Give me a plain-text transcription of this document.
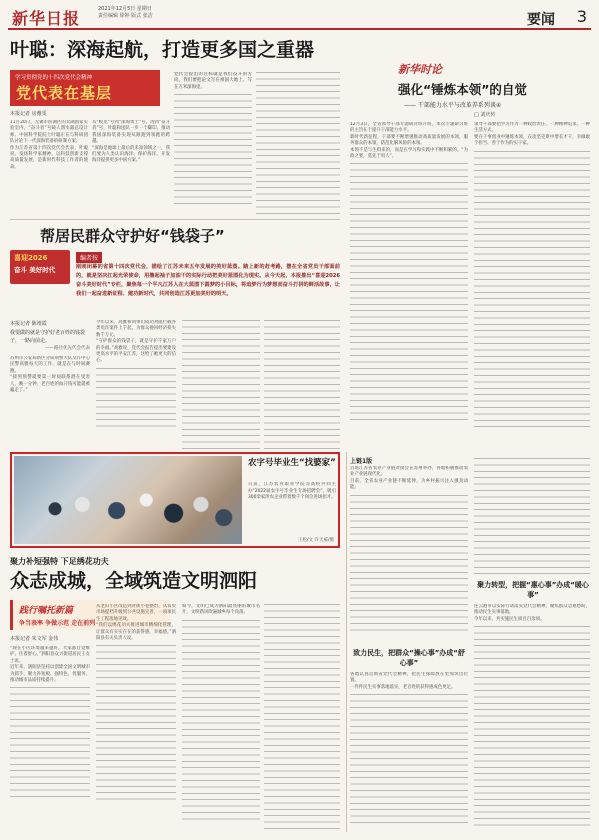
新华日报	2021年12月5日 星期日
责任编辑 徐婷 版式 张洁	要闻 3
叶聪：深海起航，打造更多国之重器
学习贯彻党的十四次党代会精神
党代表在基层
本报记者 房雅雯

11月20日，无锡市滨湖区的太湖国家实验室内，“奋斗者”号载人潜水器总设计师、中国科学院院士叶聪正在与科研团队讨论下一代深海装备的研制方案。

作为江苏省第十四次党代会代表，叶聪说，发扬科学家精神、以科技创新支撑高质量发展，是新时代科技工作者的使命。

从“蛟龙”号到“深海勇士”号，再到“奋斗者”号，叶聪和团队一步一个脚印，推动我国深海装备实现从跟跑到领跑的跨越。

“深海是地球上最后的未知领域之一，我们要为人类认识海洋、保护海洋、开发海洋提供更多中国方案。”

党代会提出的目标就是我们奋斗的方向，我们要把论文写在祖国大地上、写在万米深海里。

帮居民群众守护好“钱袋子”
喜迎2026
奋斗 美好时代
编者按
刚刚闭幕的省第十四次党代会，描绘了江苏未来五年发展的美好蓝图。踏上新的赶考路，摆在全省党员干部面前的，就是坚决扛起光荣使命，用撸起袖子加油干的实际行动把美好蓝图化为现实。从今天起，本报推出“喜迎2026 奋斗美好时代”专栏，聚焦每一个平凡江苏人在大蓝图下圆梦的小目标，将追梦行为梦想而奋斗打拼的鲜活故事，让我们一起奋进新征程、建功新时代，共同创造江苏更加美好的明天。
本报记者 陈靖霞
我要做的就是守护好老百姓的钱袋子，一路向前走。
——路径优先代会代表

苏州市公安局新区分局刑警大队反诈中心民警高雅每天的工作，就是在与时间赛跑。

“接到预警就要第一时间联系潜在受害人，晚一分钟，老百姓的血汗钱可能就被骗走了。”

今年以来，高雅和同事们成功劝阻拦截各类电诈案件上千起，为群众挽回经济损失数千万元。

“守护群众的钱袋子，就是守护千家万户的幸福。”高雅说，党代会报告提出要建设更高水平的平安江苏，这给了她更大的信心。

新华时论
强化“锤炼本领”的自觉
—— 干部能力水平与改革养系列谈④
□ 刘庆传

12月3日，全省领导干部专题研讨班开班，本次专题研讨班的主旨在于提升干部能力水平。

新时代新征程，干部要不断增强推动高质量发展的本领，服务群众的本领，防范化解风险的本领。

本领不是与生俱来的，而是在学习和实践中不断积累的。“为政之要，莫先于用人”。

领导干部要把学习作为一种政治责任、一种精神追求、一种生活方式。

要在干事创业中锤炼本领，在攻坚克难中增长才干，争做敢于担当、善于作为的实干家。

农字号毕业生“找婆家”
日前，江苏农业职业学院等高校共同主办“2022届农字号毕业生专场招聘会”，吸引300余家涉农企业带着数千个岗位进场招才。
王松/文 许天威/摄
聚力补短强特 下足绣花功夫
众志成城，全域筑造文明泗阳
践行嘱托新篇
争当表率 争做示范 走在前列
本报记者 朱文军 金伟

“现在小区环境越来越好，大家都自觉维护，住着舒心。”泗阳县众兴街道居民王女士说。

近年来，泗阳县坚持以创建全国文明城市为抓手，聚力补短板、强特色、优服务，推动城市品质持续提升。

从老旧小区改造到背街小巷整治，从农贸市场提档升级到公共设施完善，一项项民生工程落地见效。

“我们以绣花功夫推进城市精细化管理，让群众有实实在在的获得感、幸福感。”泗阳县有关负责人说。

如今，文明已成为泗阳最亮丽的城市名片，文明新风吹遍城乡每个角落。

上链1版

首场江苏省农业产业链对接会在苏州举办，各地积极推动农业产业链现代化。

目前，全省农业产业链不断延伸，为乡村振兴注入强劲动能。

聚力转型，把握“惠心事”办成“暖心事”

连云港市以实际行动落实党代会精神，聚焦群众急难愁盼，推动民生实事落地。

今年以来，共实施民生项目百余项。

致力民生，把群众“操心事”办成“舒心事”

各地认真贯彻省党代会精神，把民生保障放在更加突出位置。

一件件民生实事落地落实，老百姓的获得感成色更足。
